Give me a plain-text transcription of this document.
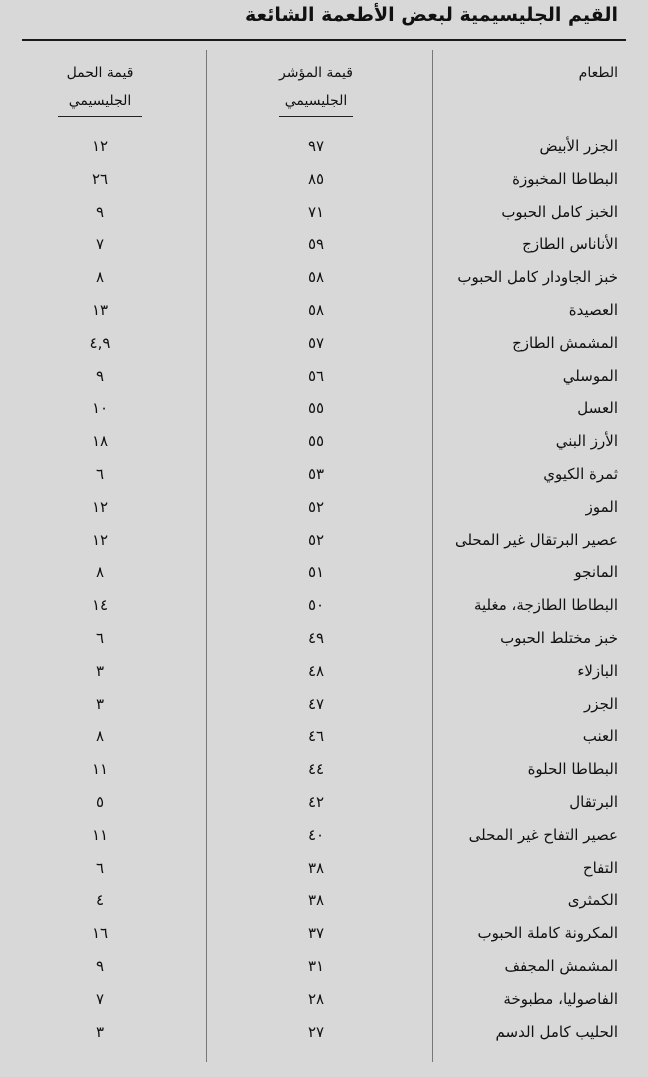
القيم الجليسيمية لبعض الأطعمة الشائعة
الطعام
قيمة المؤشر
الجليسيمي
قيمة الحمل
الجليسيمي
الجزر الأبيض
٩٧
١٢
البطاطا المخبوزة
٨٥
٢٦
الخبز كامل الحبوب
٧١
٩
الأناناس الطازج
٥٩
٧
خبز الجاودار كامل الحبوب
٥٨
٨
العصيدة
٥٨
١٣
المشمش الطازج
٥٧
٤,٩
الموسلي
٥٦
٩
العسل
٥٥
١٠
الأرز البني
٥٥
١٨
ثمرة الكيوي
٥٣
٦
الموز
٥٢
١٢
عصير البرتقال غير المحلى
٥٢
١٢
المانجو
٥١
٨
البطاطا الطازجة، مغلية
٥٠
١٤
خبز مختلط الحبوب
٤٩
٦
البازلاء
٤٨
٣
الجزر
٤٧
٣
العنب
٤٦
٨
البطاطا الحلوة
٤٤
١١
البرتقال
٤٢
٥
عصير التفاح غير المحلى
٤٠
١١
التفاح
٣٨
٦
الكمثرى
٣٨
٤
المكرونة كاملة الحبوب
٣٧
١٦
المشمش المجفف
٣١
٩
الفاصوليا، مطبوخة
٢٨
٧
الحليب كامل الدسم
٢٧
٣
